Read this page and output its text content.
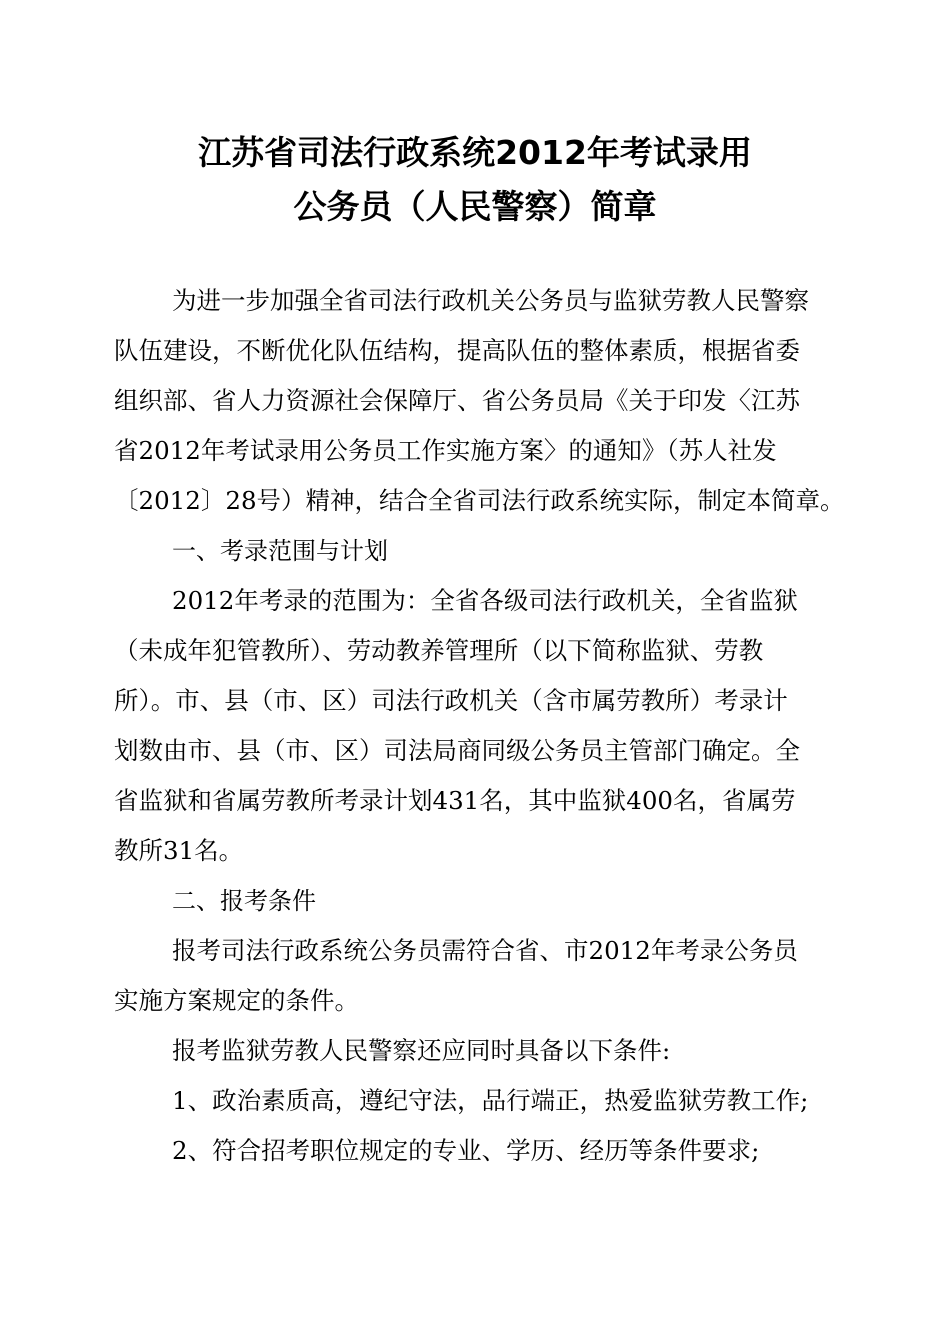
江苏省司法行政系统2012年考试录用
公务员（人民警察）简章
为进一步加强全省司法行政机关公务员与监狱劳教人民警察
队伍建设，不断优化队伍结构，提高队伍的整体素质，根据省委
组织部、省人力资源社会保障厅、省公务员局《关于印发〈江苏
省2012年考试录用公务员工作实施方案〉的通知》（苏人社发
〔2012〕28号）精神，结合全省司法行政系统实际，制定本简章。
一、考录范围与计划
2012年考录的范围为：全省各级司法行政机关，全省监狱
（未成年犯管教所）、劳动教养管理所（以下简称监狱、劳教
所）。市、县（市、区）司法行政机关（含市属劳教所）考录计
划数由市、县（市、区）司法局商同级公务员主管部门确定。全
省监狱和省属劳教所考录计划431名，其中监狱400名，省属劳
教所31名。
二、报考条件
报考司法行政系统公务员需符合省、市2012年考录公务员
实施方案规定的条件。
报考监狱劳教人民警察还应同时具备以下条件:
1、政治素质高，遵纪守法，品行端正，热爱监狱劳教工作;
2、符合招考职位规定的专业、学历、经历等条件要求;
